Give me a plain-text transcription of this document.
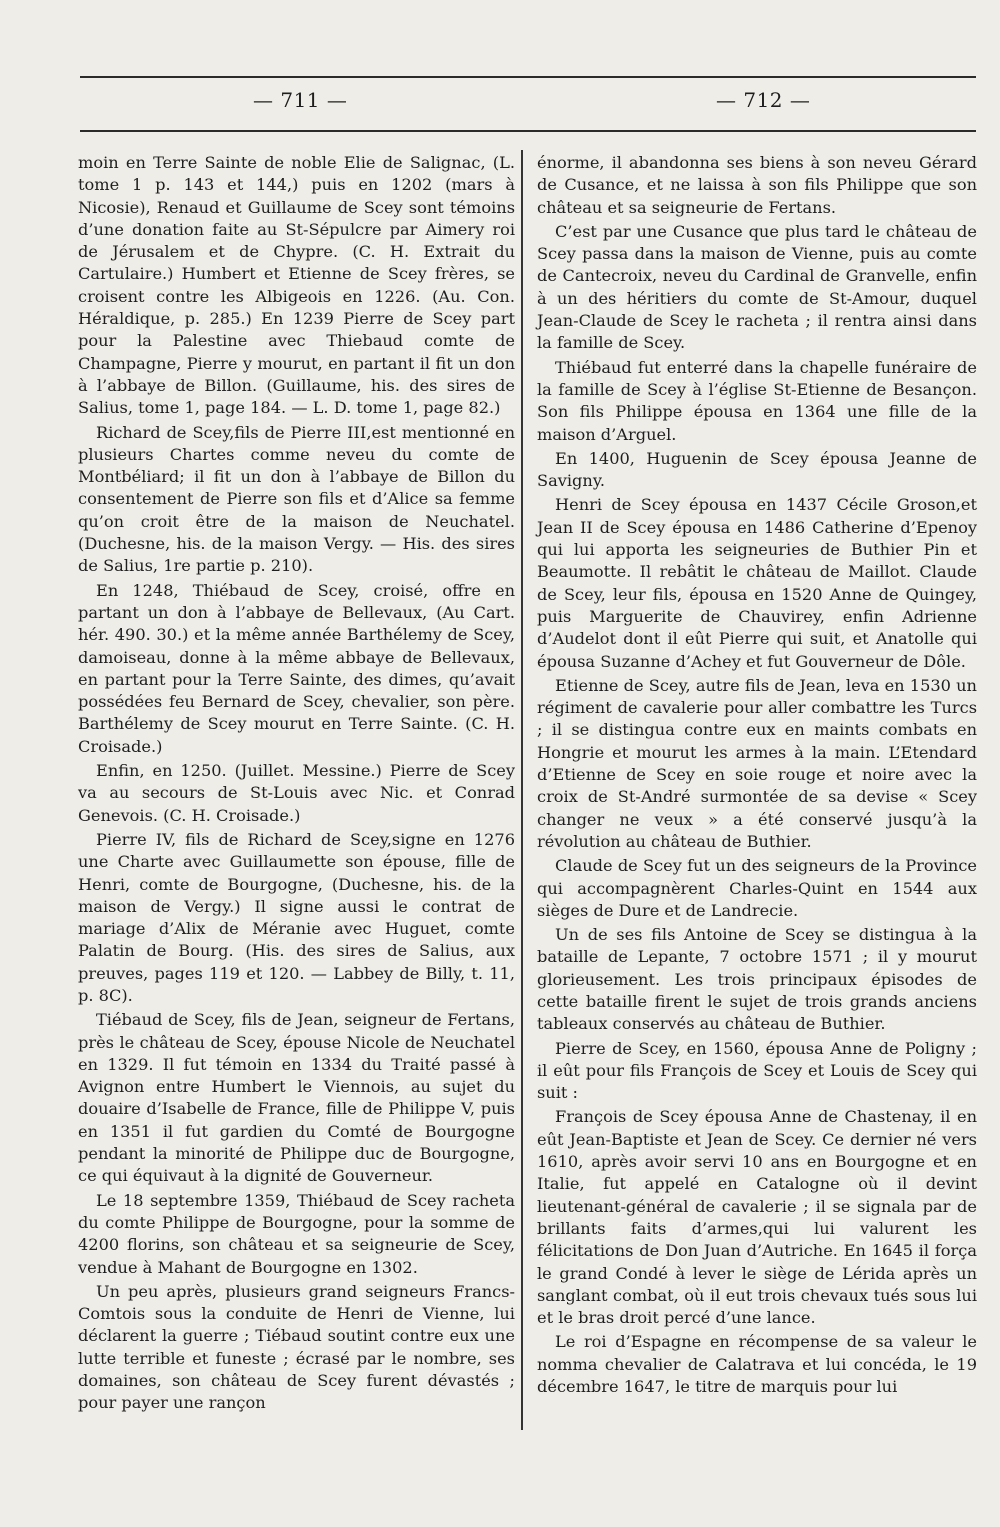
— 711 —	— 712 —

moin en Terre Sainte de noble Elie de Salignac, (L. tome 1 p. 143 et 144,) puis en 1202 (mars à Nicosie), Renaud et Guillaume de Scey sont témoins d’une donation faite au St-Sépulcre par Aimery roi de Jérusalem et de Chypre. (C. H. Extrait du Cartulaire.) Humbert et Etienne de Scey frères, se croisent contre les Albigeois en 1226. (Au. Con. Héraldique, p. 285.) En 1239 Pierre de Scey part pour la Palestine avec Thiebaud comte de Champagne, Pierre y mourut, en partant il fit un don à l’abbaye de Billon. (Guillaume, his. des sires de Salius, tome 1, page 184. — L. D. tome 1, page 82.)

Richard de Scey,fils de Pierre III,est mentionné en plusieurs Chartes comme neveu du comte de Montbéliard; il fit un don à l’abbaye de Billon du consentement de Pierre son fils et d’Alice sa femme qu’on croit être de la maison de Neuchatel. (Duchesne, his. de la maison Vergy. — His. des sires de Salius, 1re partie p. 210).

En 1248, Thiébaud de Scey, croisé, offre en partant un don à l’abbaye de Bellevaux, (Au Cart. hér. 490. 30.) et la même année Barthélemy de Scey, damoiseau, donne à la même abbaye de Bellevaux, en partant pour la Terre Sainte, des dimes, qu’avait possédées feu Bernard de Scey, chevalier, son père. Barthélemy de Scey mourut en Terre Sainte. (C. H. Croisade.)

Enfin, en 1250. (Juillet. Messine.) Pierre de Scey va au secours de St-Louis avec Nic. et Conrad Genevois. (C. H. Croisade.)

Pierre IV, fils de Richard de Scey,signe en 1276 une Charte avec Guillaumette son épouse, fille de Henri, comte de Bourgogne, (Duchesne, his. de la maison de Vergy.) Il signe aussi le contrat de mariage d’Alix de Méranie avec Huguet, comte Palatin de Bourg. (His. des sires de Salius, aux preuves, pages 119 et 120. — Labbey de Billy, t. 11, p. 8C).

Tiébaud de Scey, fils de Jean, seigneur de Fertans, près le château de Scey, épouse Nicole de Neuchatel en 1329. Il fut témoin en 1334 du Traité passé à Avignon entre Humbert le Viennois, au sujet du douaire d’Isabelle de France, fille de Philippe V, puis en 1351 il fut gardien du Comté de Bourgogne pendant la minorité de Philippe duc de Bourgogne, ce qui équivaut à la dignité de Gouverneur.

Le 18 septembre 1359, Thiébaud de Scey racheta du comte Philippe de Bourgogne, pour la somme de 4200 florins, son château et sa seigneurie de Scey, vendue à Mahant de Bourgogne en 1302.

Un peu après, plusieurs grand seigneurs Francs-Comtois sous la conduite de Henri de Vienne, lui déclarent la guerre ; Tiébaud soutint contre eux une lutte terrible et funeste ; écrasé par le nombre, ses domaines, son château de Scey furent dévastés ; pour payer une rançon

énorme, il abandonna ses biens à son neveu Gérard de Cusance, et ne laissa à son fils Philippe que son château et sa seigneurie de Fertans.

C’est par une Cusance que plus tard le château de Scey passa dans la maison de Vienne, puis au comte de Cantecroix, neveu du Cardinal de Granvelle, enfin à un des héritiers du comte de St-Amour, duquel Jean-Claude de Scey le racheta ; il rentra ainsi dans la famille de Scey.

Thiébaud fut enterré dans la chapelle funéraire de la famille de Scey à l’église St-Etienne de Besançon. Son fils Philippe épousa en 1364 une fille de la maison d’Arguel.

En 1400, Huguenin de Scey épousa Jeanne de Savigny.

Henri de Scey épousa en 1437 Cécile Groson,et Jean II de Scey épousa en 1486 Catherine d’Epenoy qui lui apporta les seigneuries de Buthier Pin et Beaumotte. Il rebâtit le château de Maillot. Claude de Scey, leur fils, épousa en 1520 Anne de Quingey, puis Marguerite de Chauvirey, enfin Adrienne d’Audelot dont il eût Pierre qui suit, et Anatolle qui épousa Suzanne d’Achey et fut Gouverneur de Dôle.

Etienne de Scey, autre fils de Jean, leva en 1530 un régiment de cavalerie pour aller combattre les Turcs ; il se distingua contre eux en maints combats en Hongrie et mourut les armes à la main. L’Etendard d’Etienne de Scey en soie rouge et noire avec la croix de St-André surmontée de sa devise « Scey changer ne veux » a été conservé jusqu’à la révolution au château de Buthier.

Claude de Scey fut un des seigneurs de la Province qui accompagnèrent Charles-Quint en 1544 aux sièges de Dure et de Landrecie.

Un de ses fils Antoine de Scey se distingua à la bataille de Lepante, 7 octobre 1571 ; il y mourut glorieusement. Les trois principaux épisodes de cette bataille firent le sujet de trois grands anciens tableaux conservés au château de Buthier.

Pierre de Scey, en 1560, épousa Anne de Poligny ; il eût pour fils François de Scey et Louis de Scey qui suit :

François de Scey épousa Anne de Chastenay, il en eût Jean-Baptiste et Jean de Scey. Ce dernier né vers 1610, après avoir servi 10 ans en Bourgogne et en Italie, fut appelé en Catalogne où il devint lieutenant-général de cavalerie ; il se signala par de brillants faits d’armes,qui lui valurent les félicitations de Don Juan d’Autriche. En 1645 il força le grand Condé à lever le siège de Lérida après un sanglant combat, où il eut trois chevaux tués sous lui et le bras droit percé d’une lance.

Le roi d’Espagne en récompense de sa valeur le nomma chevalier de Calatrava et lui concéda, le 19 décembre 1647, le titre de marquis pour lui
